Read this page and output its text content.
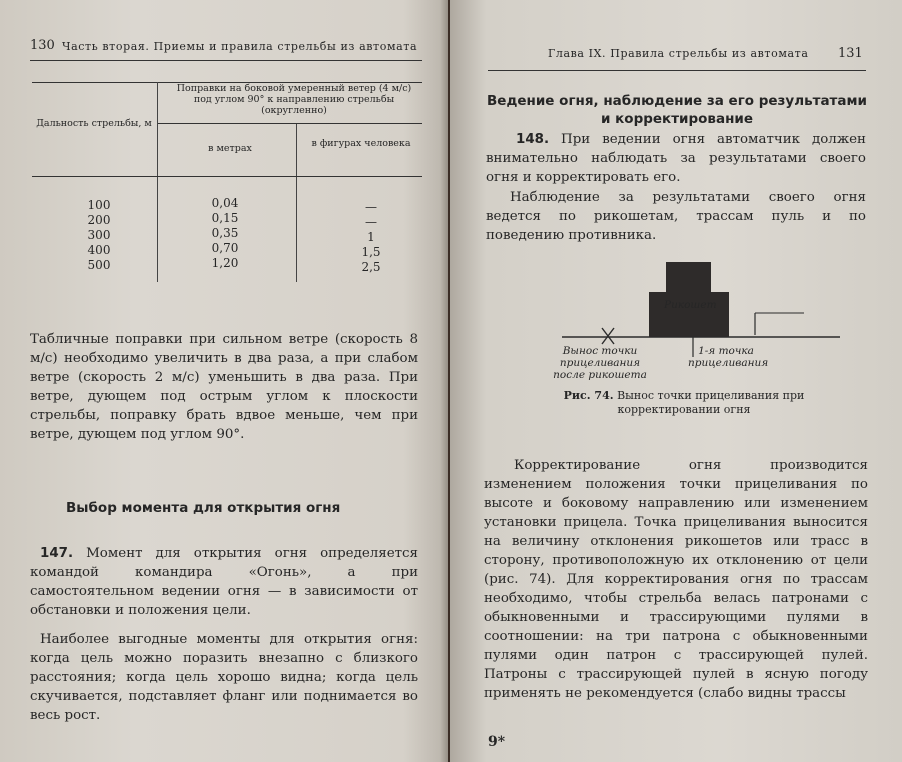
130 Часть вторая. Приемы и правила стрельбы из автомата
Дальность стрельбы, м
Поправки на боковой умеренный ветер (4 м/с) под углом 90° к направлению стрельбы (округленно)
в метрах	в фигурах человека
100
200
300
400
500
0,04
0,15
0,35
0,70
1,20
—
—
1
1,5
2,5
Табличные поправки при сильном ветре (скорость 8 м/с) необходимо увеличить в два раза, а при слабом ветре (скорость 2 м/с) уменьшить в два раза. При ветре, дующем под острым углом к плоскости стрельбы, поправку брать вдвое меньше, чем при ветре, дующем под углом 90°.
Выбор момента для открытия огня
147. Момент для открытия огня определяется командой командира «Огонь», а при самостоятельном ведении огня — в зависимости от обстановки и положения цели.
Наиболее выгодные моменты для открытия огня: когда цель можно поразить внезапно с близкого расстояния; когда цель хорошо видна; когда цель скучивается, подставляет фланг или поднимается во весь рост.
Глава IX. Правила стрельбы из автомата 131
Ведение огня, наблюдение за его результатами и корректирование
148. При ведении огня автоматчик должен внимательно наблюдать за результатами своего огня и корректировать его.
Наблюдение за результатами своего огня ведется по рикошетам, трассам пуль и по поведению противника.
Рикошет
Вынос точки прицеливания после рикошета
1-я точка прицеливания
Рис. 74. Вынос точки прицеливания при корректировании огня
Корректирование огня производится изменением положения точки прицеливания по высоте и боковому направлению или изменением установки прицела. Точка прицеливания выносится на величину отклонения рикошетов или трасс в сторону, противоположную их отклонению от цели (рис. 74). Для корректирования огня по трассам необходимо, чтобы стрельба велась патронами с обыкновенными и трассирующими пулями в соотношении: на три патрона с обыкновенными пулями один патрон с трассирующей пулей. Патроны с трассирующей пулей в ясную погоду применять не рекомендуется (слабо видны трассы
9*
